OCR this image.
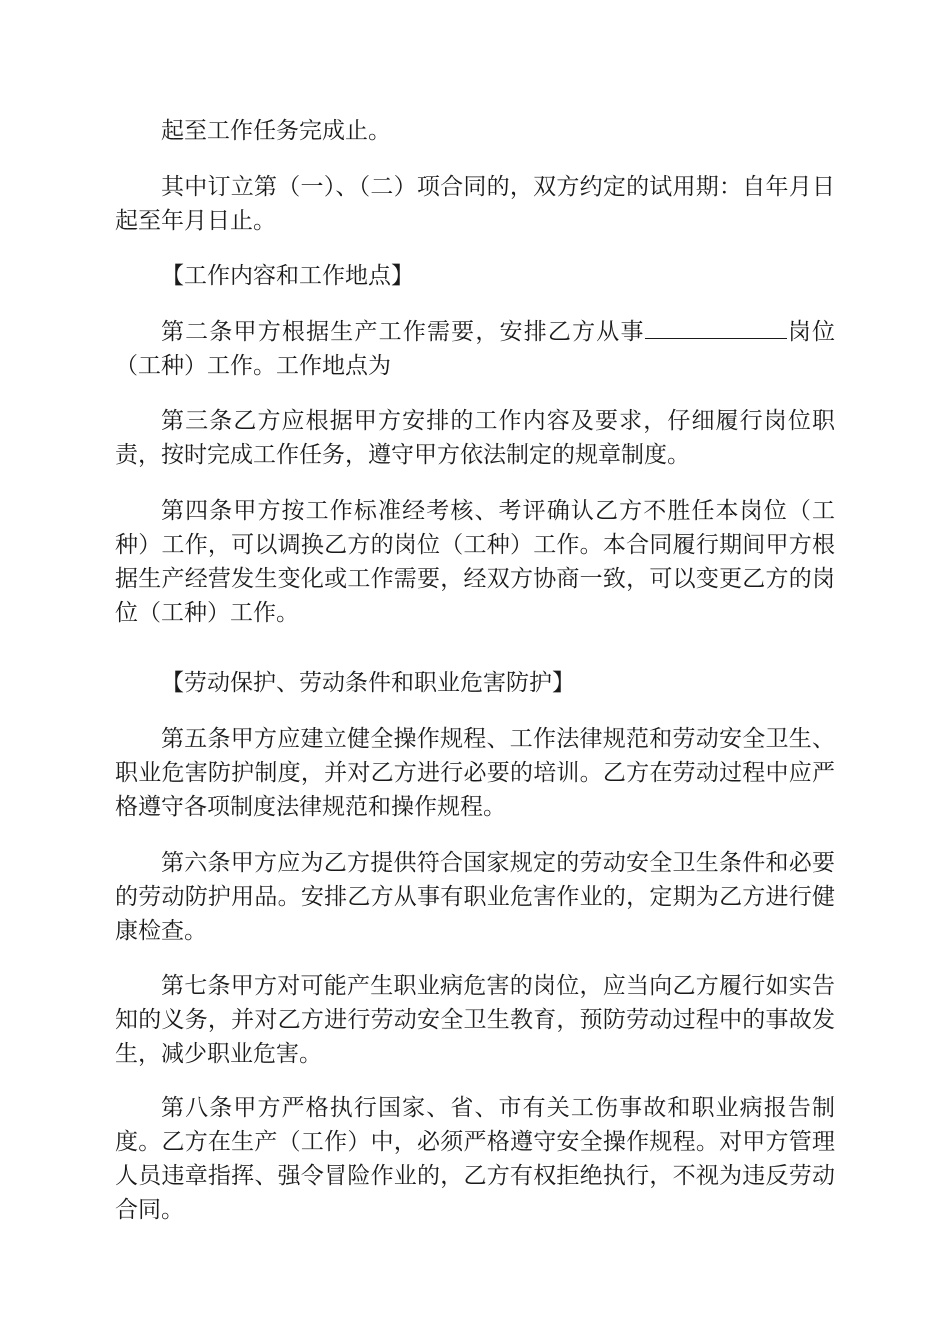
起至工作任务完成止。

其中订立第（一）、（二）项合同的，双方约定的试用期：自年月日起至年月日止。

【工作内容和工作地点】

第二条甲方根据生产工作需要，安排乙方从事	岗位（工种）工作。工作地点为

第三条乙方应根据甲方安排的工作内容及要求，仔细履行岗位职责，按时完成工作任务，遵守甲方依法制定的规章制度。

第四条甲方按工作标准经考核、考评确认乙方不胜任本岗位（工种）工作，可以调换乙方的岗位（工种）工作。本合同履行期间甲方根据生产经营发生变化或工作需要，经双方协商一致，可以变更乙方的岗位（工种）工作。

【劳动保护、劳动条件和职业危害防护】

第五条甲方应建立健全操作规程、工作法律规范和劳动安全卫生、职业危害防护制度，并对乙方进行必要的培训。乙方在劳动过程中应严格遵守各项制度法律规范和操作规程。

第六条甲方应为乙方提供符合国家规定的劳动安全卫生条件和必要的劳动防护用品。安排乙方从事有职业危害作业的，定期为乙方进行健康检查。

第七条甲方对可能产生职业病危害的岗位，应当向乙方履行如实告知的义务，并对乙方进行劳动安全卫生教育，预防劳动过程中的事故发生，减少职业危害。

第八条甲方严格执行国家、省、市有关工伤事故和职业病报告制度。乙方在生产（工作）中，必须严格遵守安全操作规程。对甲方管理人员违章指挥、强令冒险作业的，乙方有权拒绝执行，不视为违反劳动合同。
